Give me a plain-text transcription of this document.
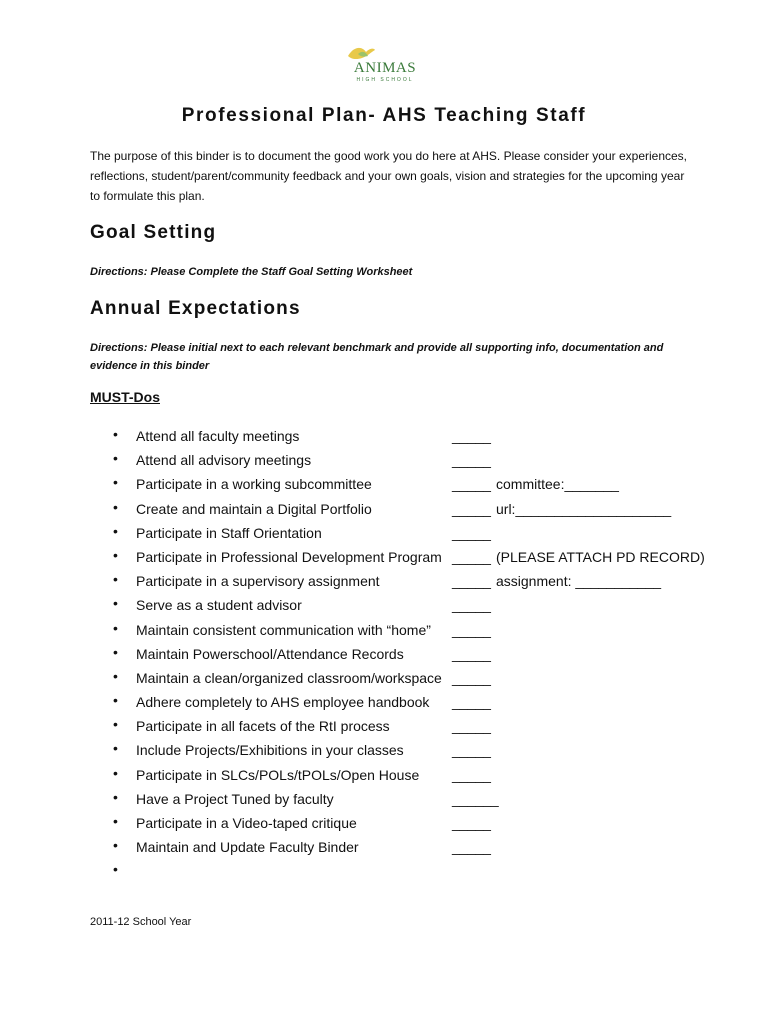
ANIMAS
HIGH SCHOOL
Professional Plan- AHS Teaching Staff
The purpose of this binder is to document the good work you do here at AHS. Please consider your experiences, reflections, student/parent/community feedback and your own goals, vision and strategies for the upcoming year to formulate this plan.
Goal Setting
Directions: Please Complete the Staff Goal Setting Worksheet
Annual Expectations
Directions: Please initial next to each relevant benchmark and provide all supporting info, documentation and evidence in this binder
MUST-Dos
• Attend all faculty meetings	_____
• Attend all advisory meetings	_____
• Participate in a working subcommittee	_____ committee:_______
• Create and maintain a Digital Portfolio	_____ url:____________________
• Participate in Staff Orientation	_____
• Participate in Professional Development Program _____ (PLEASE ATTACH PD RECORD)
• Participate in a supervisory assignment	_____ assignment: ___________
• Serve as a student advisor	_____
• Maintain consistent communication with “home” _____
• Maintain Powerschool/Attendance Records	_____
• Maintain a clean/organized classroom/workspace _____
• Adhere completely to AHS employee handbook _____
• Participate in all facets of the RtI process	_____
• Include Projects/Exhibitions in your classes	_____
• Participate in SLCs/POLs/tPOLs/Open House _____
• Have a Project Tuned by faculty	______
• Participate in a Video-taped critique	_____
• Maintain and Update Faculty Binder	_____
•
2011-12 School Year
